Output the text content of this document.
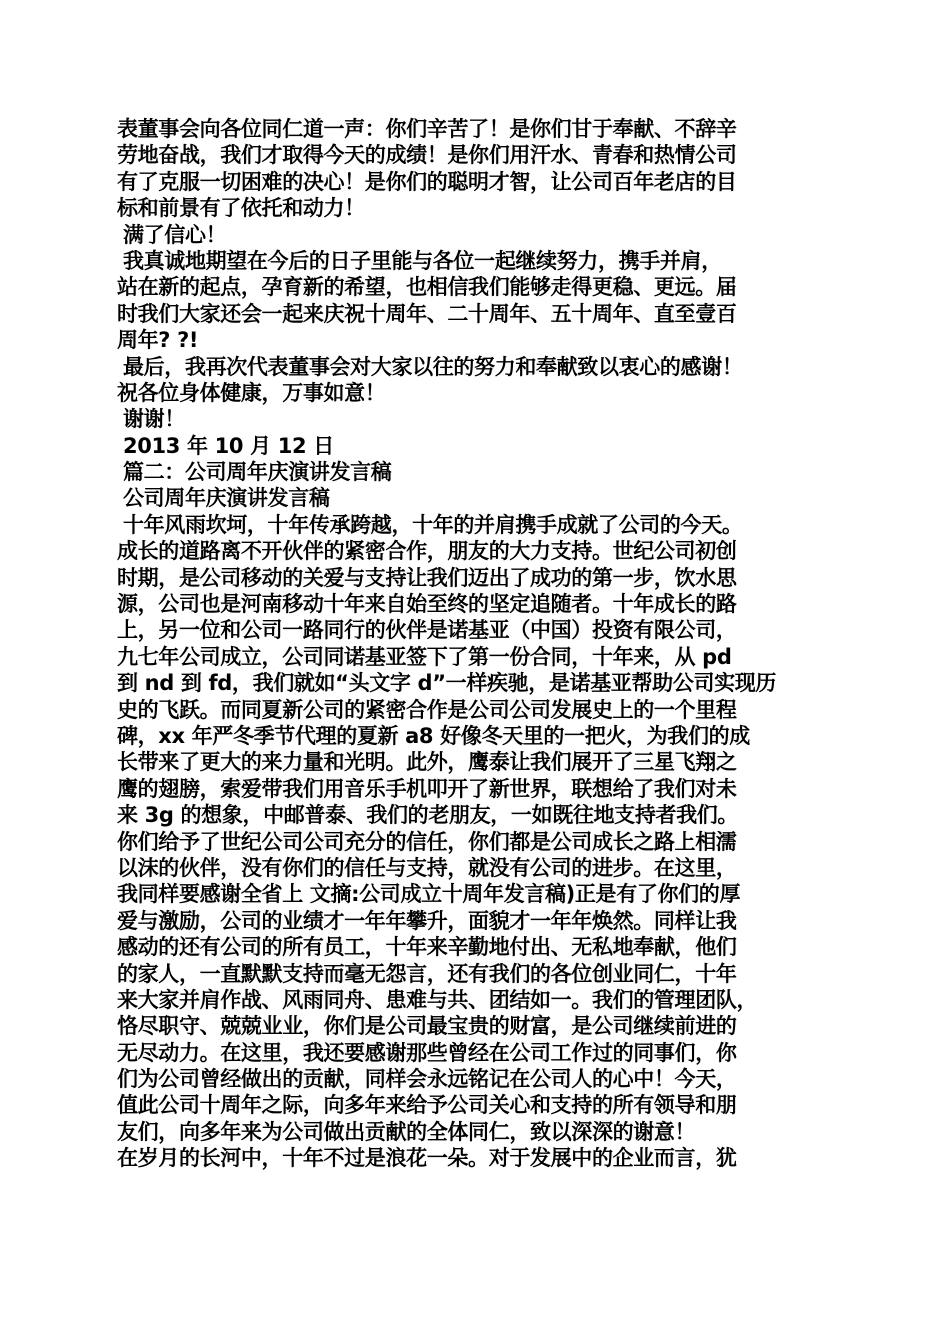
表董事会向各位同仁道一声：你们辛苦了！是你们甘于奉献、不辞辛
劳地奋战，我们才取得今天的成绩！是你们用汗水、青春和热情公司
有了克服一切困难的决心！是你们的聪明才智，让公司百年老店的目
标和前景有了依托和动力！
满了信心！
我真诚地期望在今后的日子里能与各位一起继续努力，携手并肩，
站在新的起点，孕育新的希望，也相信我们能够走得更稳、更远。届
时我们大家还会一起来庆祝十周年、二十周年、五十周年、直至壹百
周年? ?!
最后，我再次代表董事会对大家以往的努力和奉献致以衷心的感谢！
祝各位身体健康，万事如意！
谢谢！
2013 年 10 月 12 日
篇二：公司周年庆演讲发言稿
公司周年庆演讲发言稿
十年风雨坎坷，十年传承跨越，十年的并肩携手成就了公司的今天。
成长的道路离不开伙伴的紧密合作，朋友的大力支持。世纪公司初创
时期，是公司移动的关爱与支持让我们迈出了成功的第一步，饮水思
源，公司也是河南移动十年来自始至终的坚定追随者。十年成长的路
上，另一位和公司一路同行的伙伴是诺基亚（中国）投资有限公司，
九七年公司成立，公司同诺基亚签下了第一份合同，十年来，从 pd
到 nd 到 fd，我们就如“头文字 d”一样疾驰，是诺基亚帮助公司实现历
史的飞跃。而同夏新公司的紧密合作是公司公司发展史上的一个里程
碑，xx 年严冬季节代理的夏新 a8 好像冬天里的一把火，为我们的成
长带来了更大的来力量和光明。此外，鹰泰让我们展开了三星飞翔之
鹰的翅膀，索爱带我们用音乐手机叩开了新世界，联想给了我们对未
来 3g 的想象，中邮普泰、我们的老朋友，一如既往地支持者我们。
你们给予了世纪公司公司充分的信任，你们都是公司成长之路上相濡
以沫的伙伴，没有你们的信任与支持，就没有公司的进步。在这里，
我同样要感谢全省上 文摘:公司成立十周年发言稿)正是有了你们的厚
爱与激励，公司的业绩才一年年攀升，面貌才一年年焕然。同样让我
感动的还有公司的所有员工，十年来辛勤地付出、无私地奉献，他们
的家人，一直默默支持而毫无怨言，还有我们的各位创业同仁，十年
来大家并肩作战、风雨同舟、患难与共、团结如一。我们的管理团队，
恪尽职守、兢兢业业，你们是公司最宝贵的财富，是公司继续前进的
无尽动力。在这里，我还要感谢那些曾经在公司工作过的同事们，你
们为公司曾经做出的贡献，同样会永远铭记在公司人的心中！今天，
值此公司十周年之际，向多年来给予公司关心和支持的所有领导和朋
友们，向多年来为公司做出贡献的全体同仁，致以深深的谢意！
在岁月的长河中，十年不过是浪花一朵。对于发展中的企业而言，犹
